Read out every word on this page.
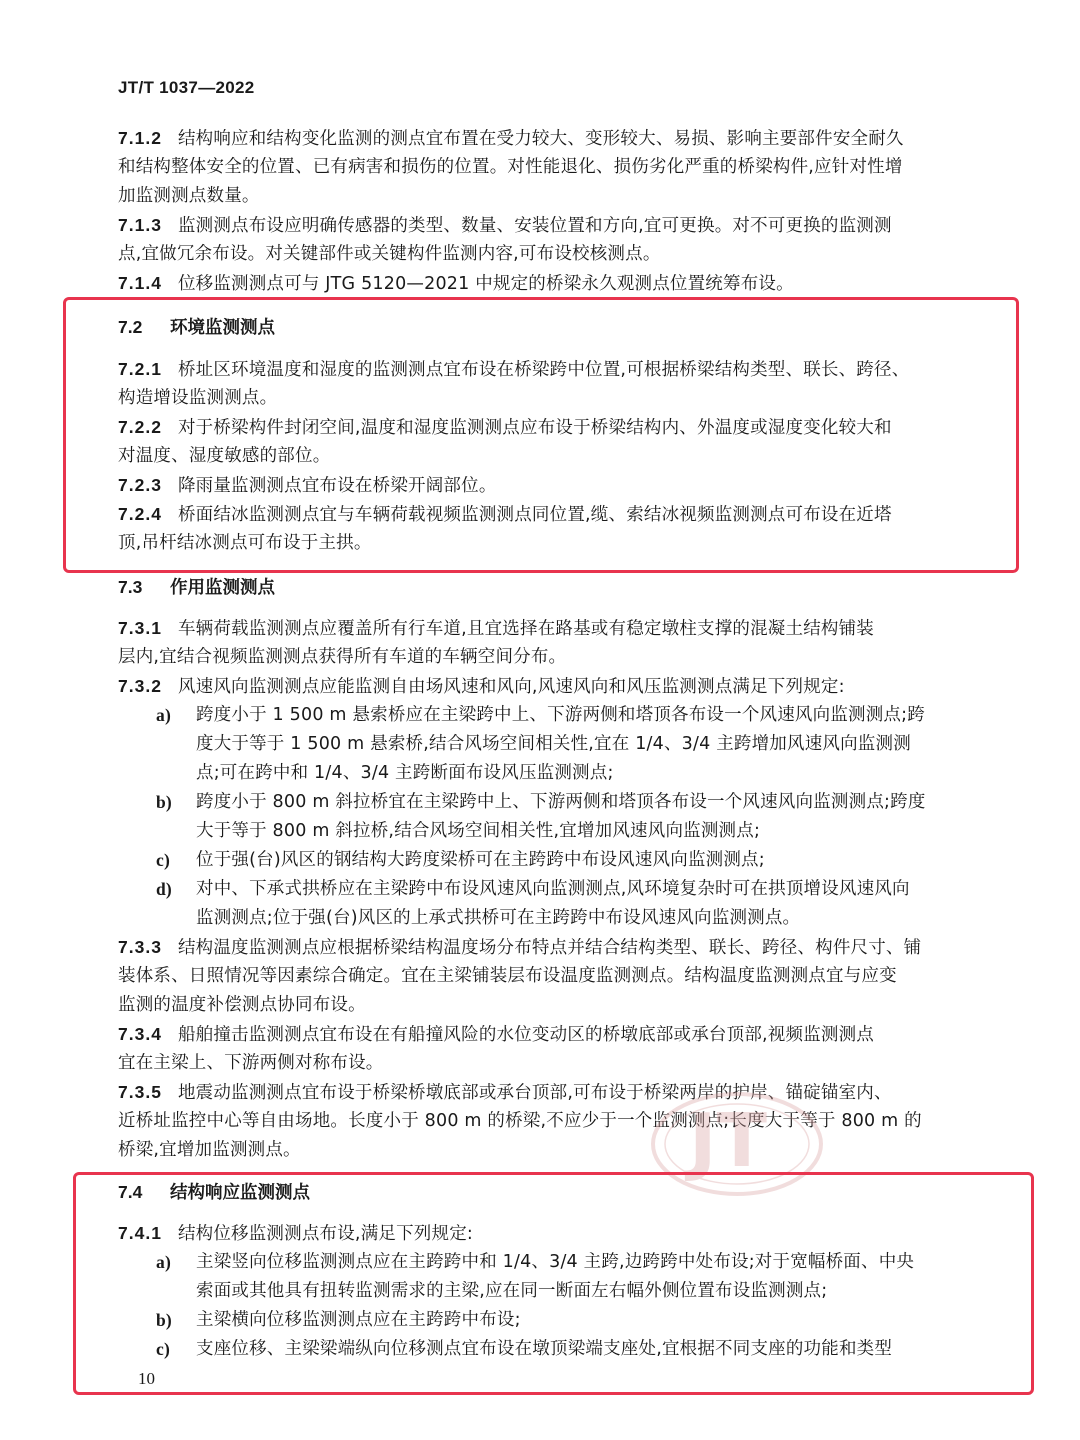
JT/T 1037—2022
7.1.2 结构响应和结构变化监测的测点宜布置在受力较大、变形较大、易损、影响主要部件安全耐久
和结构整体安全的位置、已有病害和损伤的位置。对性能退化、损伤劣化严重的桥梁构件,应针对性增
加监测测点数量。
7.1.3 监测测点布设应明确传感器的类型、数量、安装位置和方向,宜可更换。对不可更换的监测测
点,宜做冗余布设。对关键部件或关键构件监测内容,可布设校核测点。
7.1.4 位移监测测点可与 JTG 5120—2021 中规定的桥梁永久观测点位置统筹布设。
7.2 环境监测测点
7.2.1 桥址区环境温度和湿度的监测测点宜布设在桥梁跨中位置,可根据桥梁结构类型、联长、跨径、
构造增设监测测点。
7.2.2 对于桥梁构件封闭空间,温度和湿度监测测点应布设于桥梁结构内、外温度或湿度变化较大和
对温度、湿度敏感的部位。
7.2.3 降雨量监测测点宜布设在桥梁开阔部位。
7.2.4 桥面结冰监测测点宜与车辆荷载视频监测测点同位置,缆、索结冰视频监测测点可布设在近塔
顶,吊杆结冰测点可布设于主拱。
7.3 作用监测测点
7.3.1 车辆荷载监测测点应覆盖所有行车道,且宜选择在路基或有稳定墩柱支撑的混凝土结构铺装
层内,宜结合视频监测测点获得所有车道的车辆空间分布。
7.3.2 风速风向监测测点应能监测自由场风速和风向,风速风向和风压监测测点满足下列规定:
a) 跨度小于 1 500 m 悬索桥应在主梁跨中上、下游两侧和塔顶各布设一个风速风向监测测点;跨
度大于等于 1 500 m 悬索桥,结合风场空间相关性,宜在 1/4、3/4 主跨增加风速风向监测测
点;可在跨中和 1/4、3/4 主跨断面布设风压监测测点;
b) 跨度小于 800 m 斜拉桥宜在主梁跨中上、下游两侧和塔顶各布设一个风速风向监测测点;跨度
大于等于 800 m 斜拉桥,结合风场空间相关性,宜增加风速风向监测测点;
c) 位于强(台)风区的钢结构大跨度梁桥可在主跨跨中布设风速风向监测测点;
d) 对中、下承式拱桥应在主梁跨中布设风速风向监测测点,风环境复杂时可在拱顶增设风速风向
监测测点;位于强(台)风区的上承式拱桥可在主跨跨中布设风速风向监测测点。
7.3.3 结构温度监测测点应根据桥梁结构温度场分布特点并结合结构类型、联长、跨径、构件尺寸、铺
装体系、日照情况等因素综合确定。宜在主梁铺装层布设温度监测测点。结构温度监测测点宜与应变
监测的温度补偿测点协同布设。
7.3.4 船舶撞击监测测点宜布设在有船撞风险的水位变动区的桥墩底部或承台顶部,视频监测测点
宜在主梁上、下游两侧对称布设。
7.3.5 地震动监测测点宜布设于桥梁桥墩底部或承台顶部,可布设于桥梁两岸的护岸、锚碇锚室内、
近桥址监控中心等自由场地。长度小于 800 m 的桥梁,不应少于一个监测测点;长度大于等于 800 m 的
桥梁,宜增加监测测点。	JT
7.4 结构响应监测测点
7.4.1 结构位移监测测点布设,满足下列规定:
a) 主梁竖向位移监测测点应在主跨跨中和 1/4、3/4 主跨,边跨跨中处布设;对于宽幅桥面、中央
索面或其他具有扭转监测需求的主梁,应在同一断面左右幅外侧位置布设监测测点;
b) 主梁横向位移监测测点应在主跨跨中布设;
c) 支座位移、主梁梁端纵向位移测点宜布设在墩顶梁端支座处,宜根据不同支座的功能和类型
10
